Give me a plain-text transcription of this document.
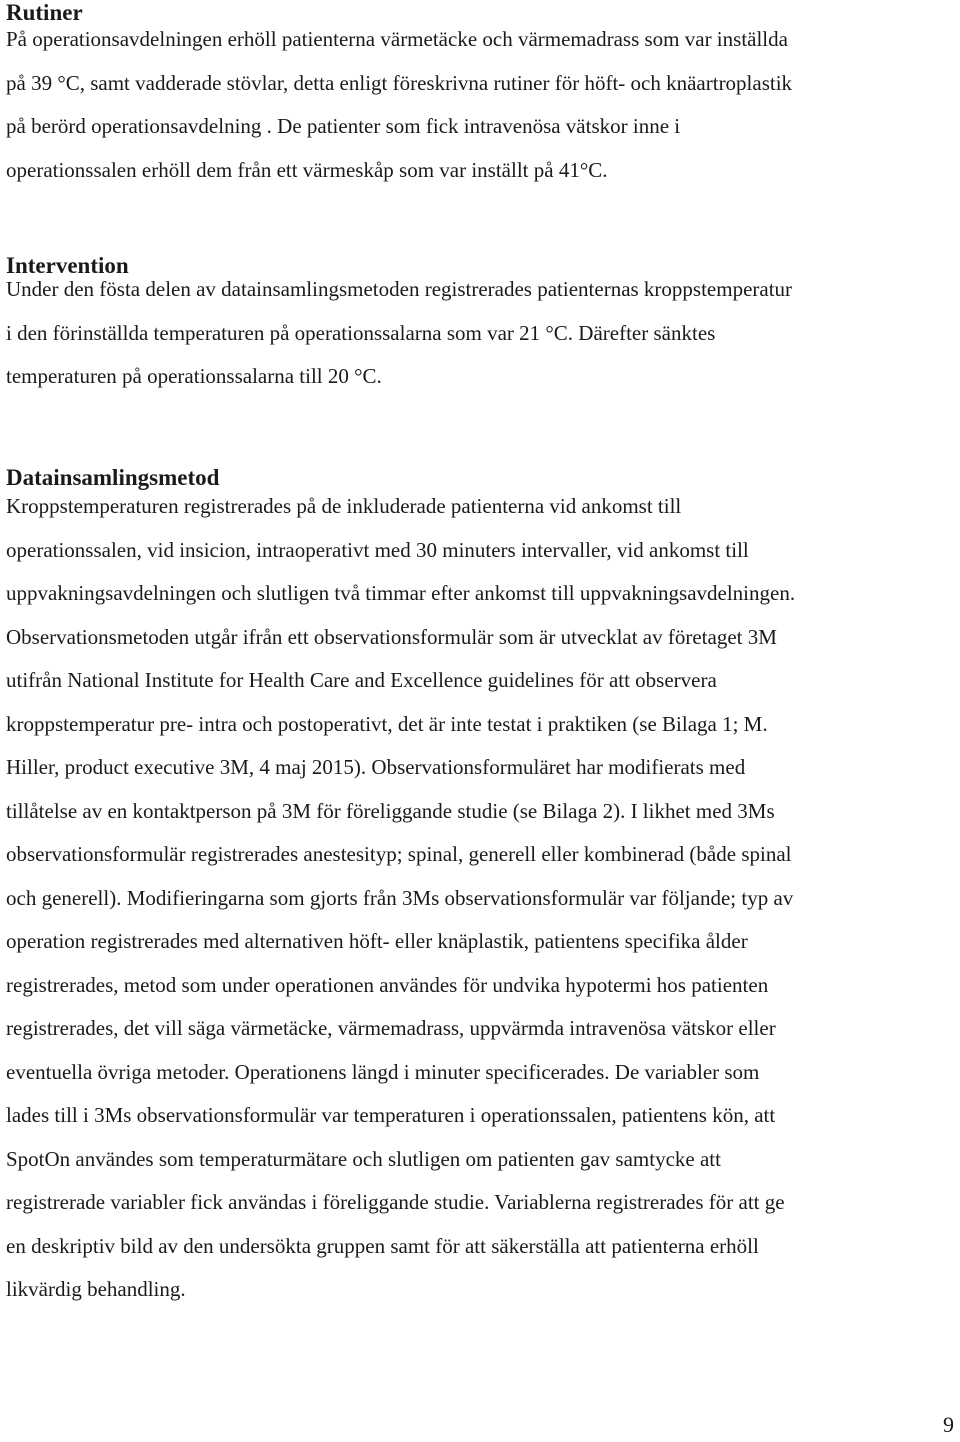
Rutiner
På operationsavdelningen erhöll patienterna värmetäcke och värmemadrass som var inställda
på 39 °C, samt vadderade stövlar, detta enligt föreskrivna rutiner för höft- och knäartroplastik
på berörd operationsavdelning . De patienter som fick intravenösa vätskor inne i
operationssalen erhöll dem från ett värmeskåp som var inställt på 41°C.
Intervention
Under den fösta delen av datainsamlingsmetoden registrerades patienternas kroppstemperatur
i den förinställda temperaturen på operationssalarna som var 21 °C. Därefter sänktes
temperaturen på operationssalarna till 20 °C.
Datainsamlingsmetod
Kroppstemperaturen registrerades på de inkluderade patienterna vid ankomst till
operationssalen, vid insicion, intraoperativt med 30 minuters intervaller, vid ankomst till
uppvakningsavdelningen och slutligen två timmar efter ankomst till uppvakningsavdelningen.
Observationsmetoden utgår ifrån ett observationsformulär som är utvecklat av företaget 3M
utifrån National Institute for Health Care and Excellence guidelines för att observera
kroppstemperatur pre- intra och postoperativt, det är inte testat i praktiken (se Bilaga 1; M.
Hiller, product executive 3M, 4 maj 2015). Observationsformuläret har modifierats med
tillåtelse av en kontaktperson på 3M för föreliggande studie (se Bilaga 2). I likhet med 3Ms
observationsformulär registrerades anestesityp; spinal, generell eller kombinerad (både spinal
och generell). Modifieringarna som gjorts från 3Ms observationsformulär var följande; typ av
operation registrerades med alternativen höft- eller knäplastik, patientens specifika ålder
registrerades, metod som under operationen användes för undvika hypotermi hos patienten
registrerades, det vill säga värmetäcke, värmemadrass, uppvärmda intravenösa vätskor eller
eventuella övriga metoder. Operationens längd i minuter specificerades. De variabler som
lades till i 3Ms observationsformulär var temperaturen i operationssalen, patientens kön, att
SpotOn användes som temperaturmätare och slutligen om patienten gav samtycke att
registrerade variabler fick användas i föreliggande studie. Variablerna registrerades för att ge
en deskriptiv bild av den undersökta gruppen samt för att säkerställa att patienterna erhöll
likvärdig behandling.
9
